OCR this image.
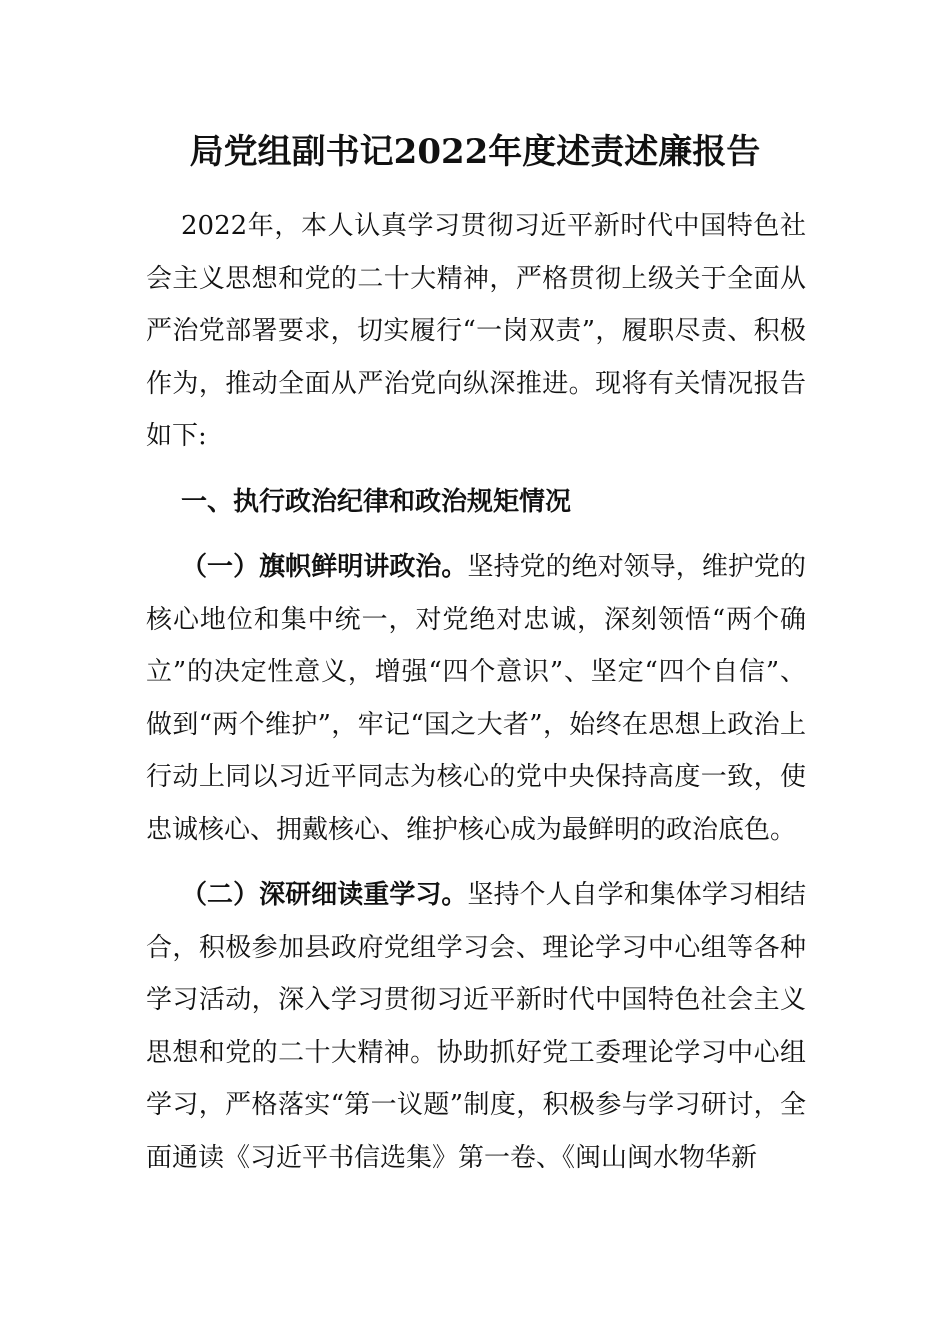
局党组副书记2022年度述责述廉报告

2022年，本人认真学习贯彻习近平新时代中国特色社会主义思想和党的二十大精神，严格贯彻上级关于全面从严治党部署要求，切实履行“一岗双责”，履职尽责、积极作为，推动全面从严治党向纵深推进。现将有关情况报告如下:

一、执行政治纪律和政治规矩情况

（一）旗帜鲜明讲政治。坚持党的绝对领导，维护党的核心地位和集中统一，对党绝对忠诚，深刻领悟“两个确立”的决定性意义，增强“四个意识”、坚定“四个自信”、做到“两个维护”，牢记“国之大者”，始终在思想上政治上行动上同以习近平同志为核心的党中央保持高度一致，使忠诚核心、拥戴核心、维护核心成为最鲜明的政治底色。

（二）深研细读重学习。坚持个人自学和集体学习相结合，积极参加县政府党组学习会、理论学习中心组等各种学习活动，深入学习贯彻习近平新时代中国特色社会主义思想和党的二十大精神。协助抓好党工委理论学习中心组学习，严格落实“第一议题”制度，积极参与学习研讨，全面通读《习近平书信选集》第一卷、《闽山闽水物华新
